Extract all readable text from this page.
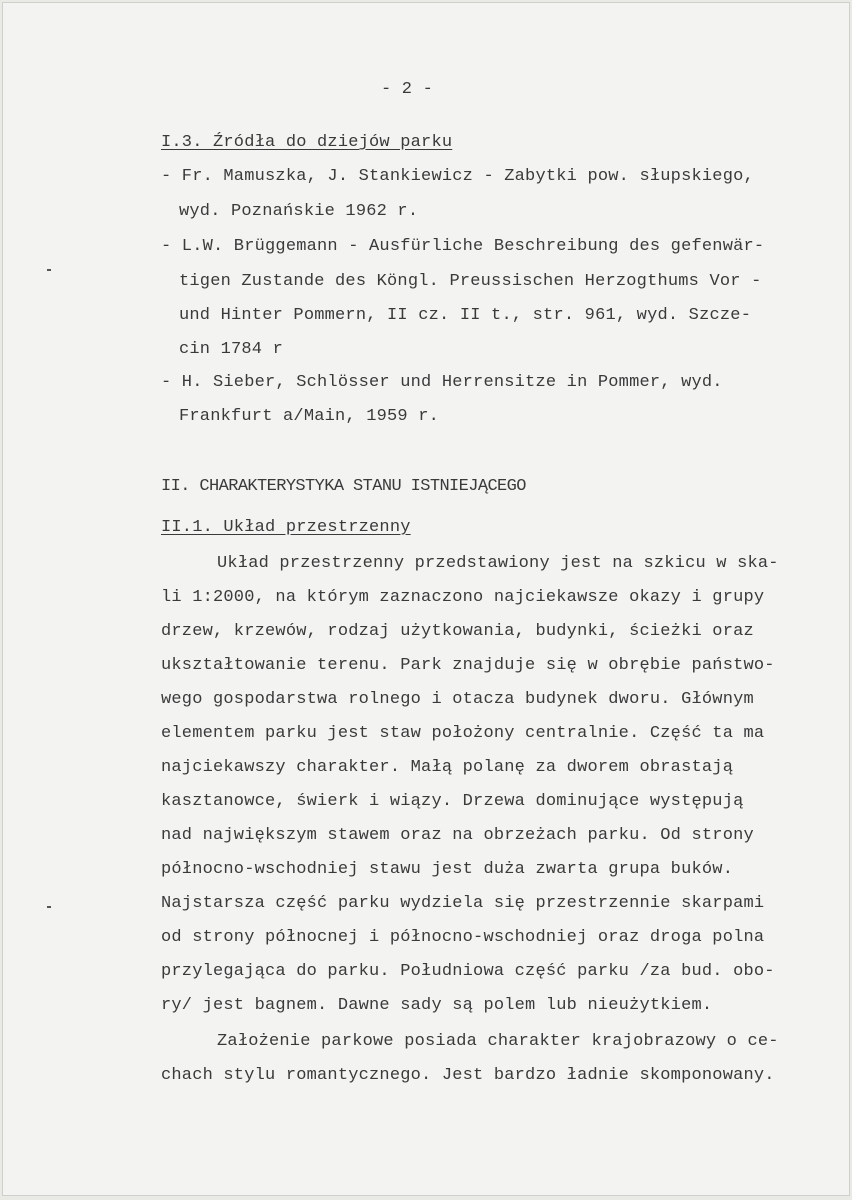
- 2 -
I.3. Źródła do dziejów parku
- Fr. Mamuszka, J. Stankiewicz - Zabytki pow. słupskiego,
wyd. Poznańskie 1962 r.
- L.W. Brüggemann - Ausfürliche Beschreibung des gefenwär-
tigen Zustande des Köngl. Preussischen Herzogthums Vor -
und Hinter Pommern, II cz. II t., str. 961, wyd. Szcze-
cin 1784 r
- H. Sieber, Schlösser und Herrensitze in Pommer, wyd.
Frankfurt a/Main, 1959 r.
II. CHARAKTERYSTYKA STANU ISTNIEJĄCEGO
II.1. Układ przestrzenny
Układ przestrzenny przedstawiony jest na szkicu w ska-
li 1:2000, na którym zaznaczono najciekawsze okazy i grupy
drzew, krzewów, rodzaj użytkowania, budynki, ścieżki oraz
ukształtowanie terenu. Park znajduje się w obrębie państwo-
wego gospodarstwa rolnego i otacza budynek dworu. Głównym
elementem parku jest staw położony centralnie. Część ta ma
najciekawszy charakter. Małą polanę za dworem obrastają
kasztanowce, świerk i wiązy. Drzewa dominujące występują
nad największym stawem oraz na obrzeżach parku. Od strony
północno-wschodniej stawu jest duża zwarta grupa buków.
Najstarsza część parku wydziela się przestrzennie skarpami
od strony północnej i północno-wschodniej oraz droga polna
przylegająca do parku. Południowa część parku /za bud. obo-
ry/ jest bagnem. Dawne sady są polem lub nieużytkiem.
Założenie parkowe posiada charakter krajobrazowy o ce-
chach stylu romantycznego. Jest bardzo ładnie skomponowany.
